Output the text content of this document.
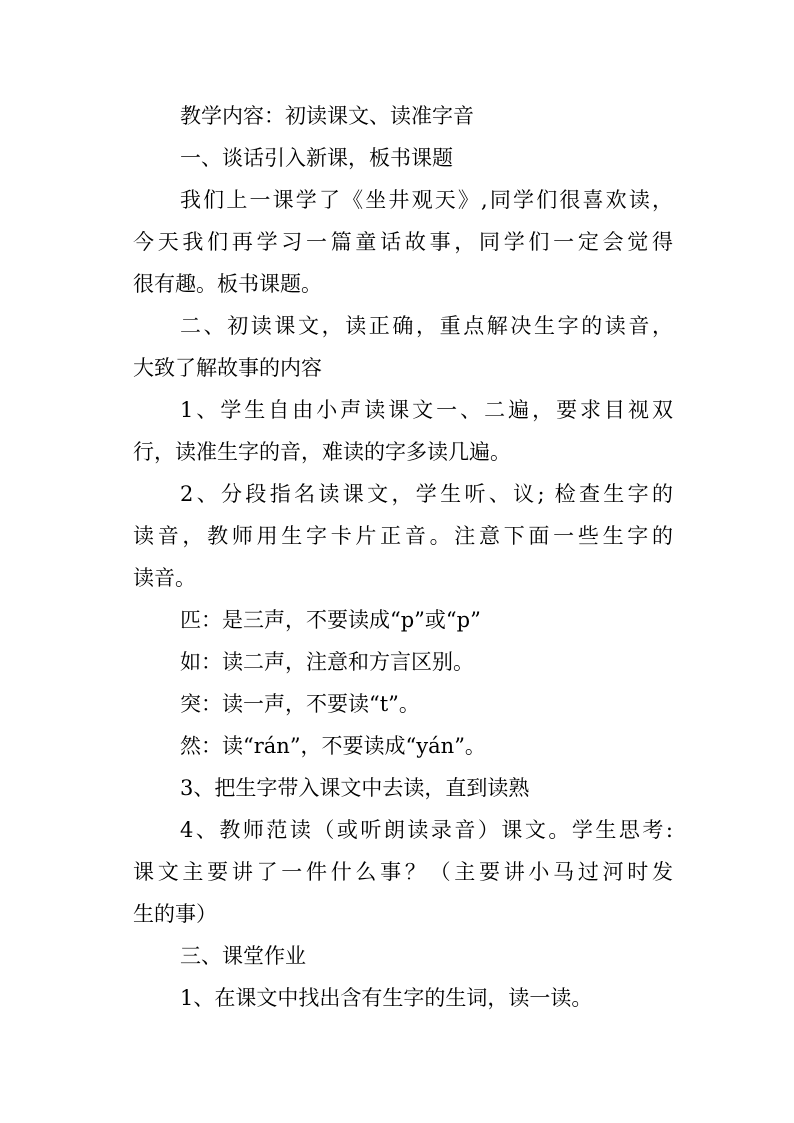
教学内容：初读课文、读准字音
一、谈话引入新课，板书课题
我们上一课学了《坐井观天》,同学们很喜欢读，
今天我们再学习一篇童话故事，同学们一定会觉得
很有趣。板书课题。
二、初读课文，读正确，重点解决生字的读音，
大致了解故事的内容
1、学生自由小声读课文一、二遍，要求目视双
行，读准生字的音，难读的字多读几遍。
2、分段指名读课文，学生听、议; 检查生字的
读音，教师用生字卡片正音。注意下面一些生字的
读音。
匹：是三声，不要读成“p”或“p”
如：读二声，注意和方言区别。
突：读一声，不要读“t”。
然：读“rán”，不要读成“yán”。
3、把生字带入课文中去读，直到读熟
4、教师范读（或听朗读录音）课文。学生思考:
课文主要讲了一件什么事？（主要讲小马过河时发
生的事）
三、课堂作业
1、在课文中找出含有生字的生词，读一读。
